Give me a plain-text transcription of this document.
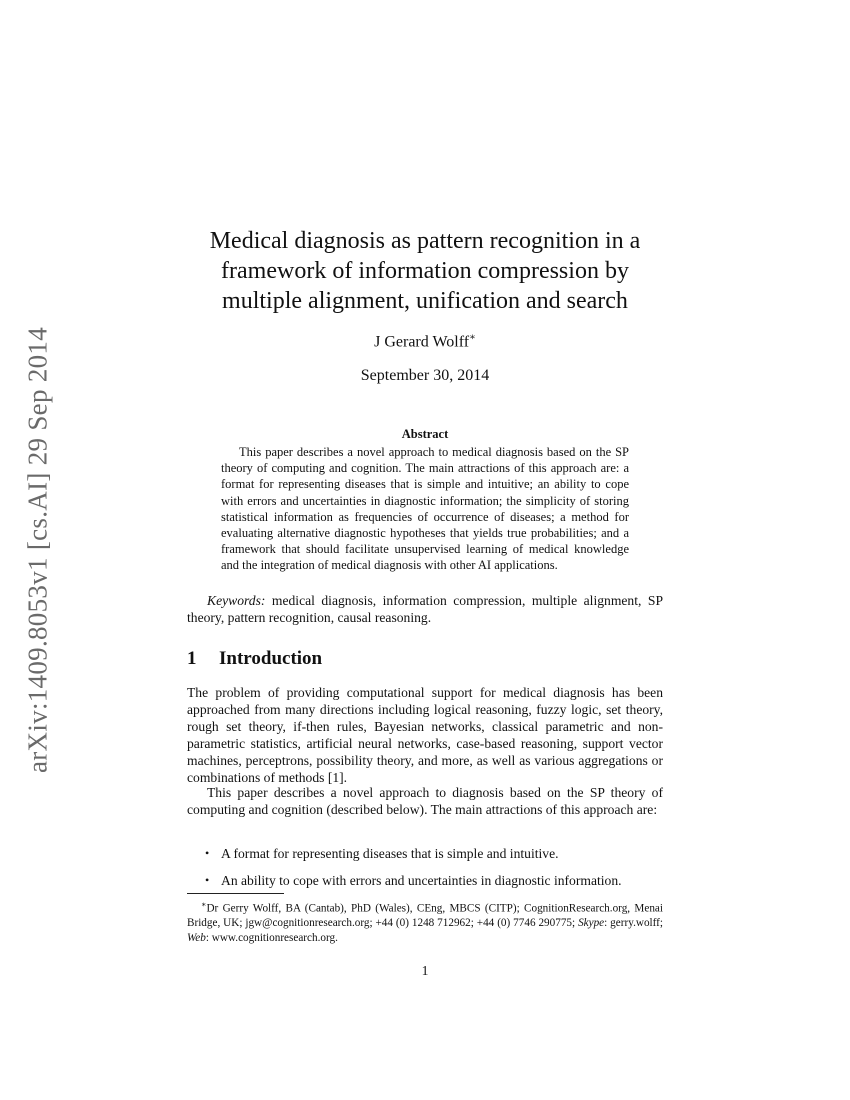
arXiv:1409.8053v1 [cs.AI] 29 Sep 2014
Medical diagnosis as pattern recognition in a
framework of information compression by
multiple alignment, unification and search
J Gerard Wolff∗
September 30, 2014
Abstract
This paper describes a novel approach to medical diagnosis based on the SP theory of computing and cognition. The main attractions of this approach are: a format for representing diseases that is simple and intuitive; an ability to cope with errors and uncertainties in diagnostic information; the simplicity of storing statistical information as frequencies of occurrence of diseases; a method for evaluating alternative diagnostic hypotheses that yields true probabilities; and a framework that should facilitate unsupervised learning of medical knowledge and the integration of medical diagnosis with other AI applications.
Keywords: medical diagnosis, information compression, multiple alignment, SP theory, pattern recognition, causal reasoning.
1 Introduction
The problem of providing computational support for medical diagnosis has been approached from many directions including logical reasoning, fuzzy logic, set theory, rough set theory, if-then rules, Bayesian networks, classical parametric and non-parametric statistics, artificial neural networks, case-based reasoning, support vector machines, perceptrons, possibility theory, and more, as well as various aggregations or combinations of methods [1].
This paper describes a novel approach to diagnosis based on the SP theory of computing and cognition (described below). The main attractions of this approach are:
• A format for representing diseases that is simple and intuitive.
• An ability to cope with errors and uncertainties in diagnostic information.
∗Dr Gerry Wolff, BA (Cantab), PhD (Wales), CEng, MBCS (CITP); CognitionResearch.org, Menai Bridge, UK; jgw@cognitionresearch.org; +44 (0) 1248 712962; +44 (0) 7746 290775; Skype: gerry.wolff; Web: www.cognitionresearch.org.
1
